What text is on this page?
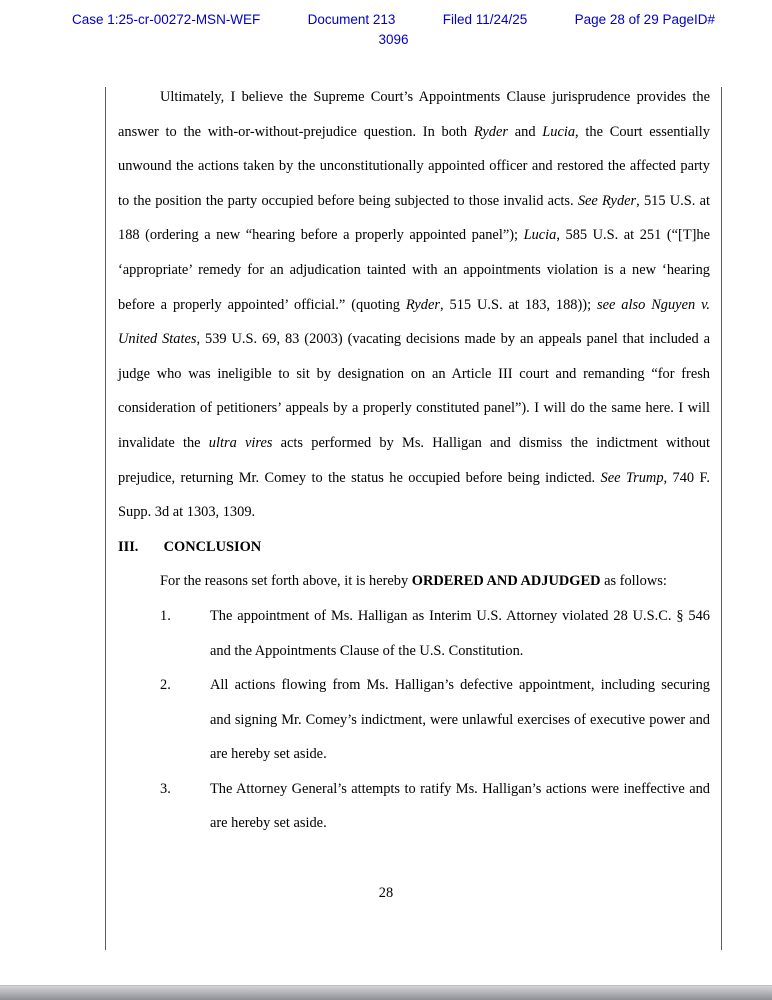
Case 1:25-cr-00272-MSN-WEF	Document 213	Filed 11/24/25	Page 28 of 29 PageID#
3096

Ultimately, I believe the Supreme Court’s Appointments Clause jurisprudence provides the answer to the with-or-without-prejudice question. In both Ryder and Lucia, the Court essentially unwound the actions taken by the unconstitutionally appointed officer and restored the affected party to the position the party occupied before being subjected to those invalid acts. See Ryder, 515 U.S. at 188 (ordering a new “hearing before a properly appointed panel”); Lucia, 585 U.S. at 251 (“[T]he ‘appropriate’ remedy for an adjudication tainted with an appointments violation is a new ‘hearing before a properly appointed’ official.” (quoting Ryder, 515 U.S. at 183, 188)); see also Nguyen v. United States, 539 U.S. 69, 83 (2003) (vacating decisions made by an appeals panel that included a judge who was ineligible to sit by designation on an Article III court and remanding “for fresh consideration of petitioners’ appeals by a properly constituted panel”). I will do the same here. I will invalidate the ultra vires acts performed by Ms. Halligan and dismiss the indictment without prejudice, returning Mr. Comey to the status he occupied before being indicted. See Trump, 740 F. Supp. 3d at 1303, 1309.

III. CONCLUSION

For the reasons set forth above, it is hereby ORDERED AND ADJUDGED as follows:

1.	The appointment of Ms. Halligan as Interim U.S. Attorney violated 28 U.S.C. § 546 and the Appointments Clause of the U.S. Constitution.
2.	All actions flowing from Ms. Halligan’s defective appointment, including securing and signing Mr. Comey’s indictment, were unlawful exercises of executive power and are hereby set aside.
3.	The Attorney General’s attempts to ratify Ms. Halligan’s actions were ineffective and are hereby set aside.
28
